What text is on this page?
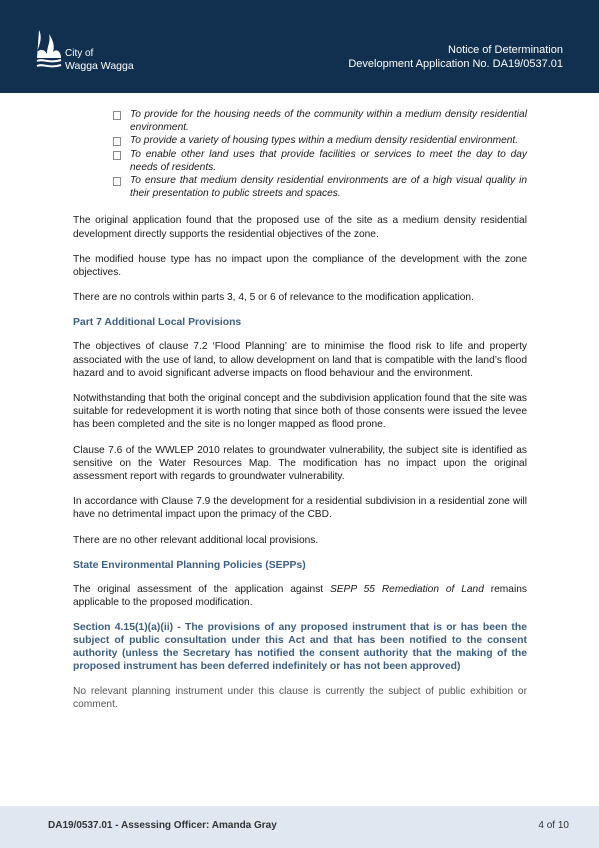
City of
Wagga Wagga
Notice of Determination
Development Application No. DA19/0537.01
To provide for the housing needs of the community within a medium density residential environment.
To provide a variety of housing types within a medium density residential environment.
To enable other land uses that provide facilities or services to meet the day to day needs of residents.
To ensure that medium density residential environments are of a high visual quality in their presentation to public streets and spaces.

The original application found that the proposed use of the site as a medium density residential development directly supports the residential objectives of the zone.

The modified house type has no impact upon the compliance of the development with the zone objectives.

There are no controls within parts 3, 4, 5 or 6 of relevance to the modification application.

Part 7 Additional Local Provisions

The objectives of clause 7.2 ‘Flood Planning’ are to minimise the flood risk to life and property associated with the use of land, to allow development on land that is compatible with the land’s flood hazard and to avoid significant adverse impacts on flood behaviour and the environment.

Notwithstanding that both the original concept and the subdivision application found that the site was suitable for redevelopment it is worth noting that since both of those consents were issued the levee has been completed and the site is no longer mapped as flood prone.

Clause 7.6 of the WWLEP 2010 relates to groundwater vulnerability, the subject site is identified as sensitive on the Water Resources Map. The modification has no impact upon the original assessment report with regards to groundwater vulnerability.

In accordance with Clause 7.9 the development for a residential subdivision in a residential zone will have no detrimental impact upon the primacy of the CBD.

There are no other relevant additional local provisions.

State Environmental Planning Policies (SEPPs)

The original assessment of the application against SEPP 55 Remediation of Land remains applicable to the proposed modification.

Section 4.15(1)(a)(ii) - The provisions of any proposed instrument that is or has been the subject of public consultation under this Act and that has been notified to the consent authority (unless the Secretary has notified the consent authority that the making of the proposed instrument has been deferred indefinitely or has not been approved)

No relevant planning instrument under this clause is currently the subject of public exhibition or comment.

DA19/0537.01 - Assessing Officer: Amanda Gray	4 of 10
